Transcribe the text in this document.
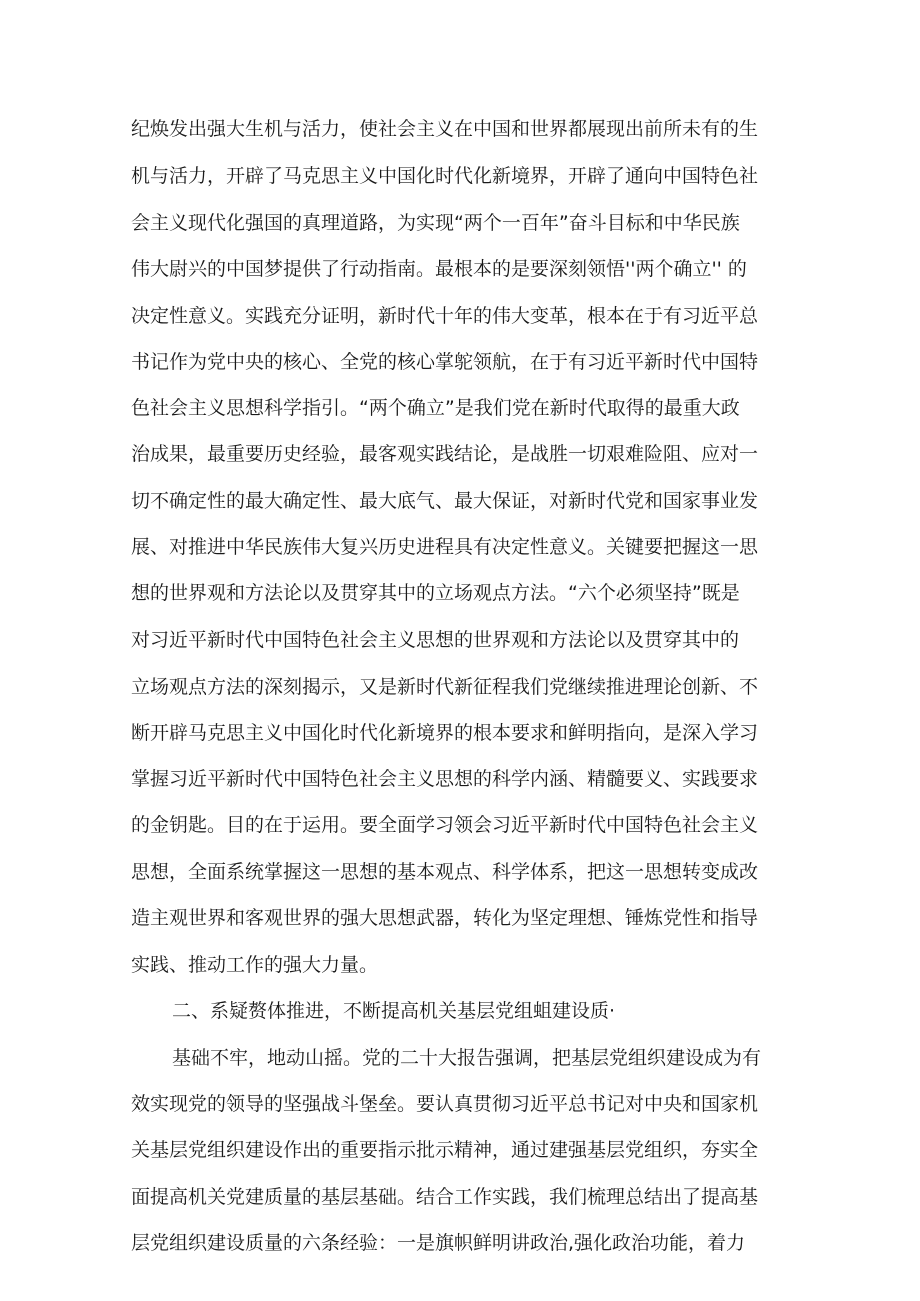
纪焕发出强大生机与活力，使社会主义在中国和世界都展现出前所未有的生
机与活力，开辟了马克思主义中国化时代化新境界，开辟了通向中国特色社
会主义现代化强国的真理道路，为实现“两个一百年”奋斗目标和中华民族
伟大尉兴的中国梦提供了行动指南。最根本的是要深刻领悟''两个确立'' 的
决定性意义。实践充分证明，新时代十年的伟大变革，根本在于有习近平总
书记作为党中央的核心、全党的核心掌鸵领航，在于有习近平新时代中国特
色社会主义思想科学指引。“两个确立”是我们党在新时代取得的最重大政
治成果，最重要历史经验，最客观实践结论，是战胜一切艰难险阻、应对一
切不确定性的最大确定性、最大底气、最大保证，对新时代党和国家事业发
展、对推进中华民族伟大复兴历史进程具有决定性意义。关键要把握这一思
想的世界观和方法论以及贯穿其中的立场观点方法。“六个必须坚持”既是
对习近平新时代中国特色社会主义思想的世界观和方法论以及贯穿其中的
立场观点方法的深刻揭示，又是新时代新征程我们党继续推进理论创新、不
断开辟马克思主义中国化时代化新境界的根本要求和鲜明指向，是深入学习
掌握习近平新时代中国特色社会主义思想的科学内涵、精髓要义、实践要求
的金钥匙。目的在于运用。要全面学习领会习近平新时代中国特色社会主义
思想，全面系统掌握这一思想的基本观点、科学体系，把这一思想转变成改
造主观世界和客观世界的强大思想武器，转化为坚定理想、锤炼党性和指导
实践、推动工作的强大力量。
二、系疑赘体推进，不断提高机关基层党组蛆建设质·
基础不牢，地动山摇。党的二十大报告强调，把基层党组织建设成为有
效实现党的领导的坚强战斗堡垒。要认真贯彻习近平总书记对中央和国家机
关基层党组织建设作出的重要指示批示精神，通过建强基层党组织，夯实全
面提高机关党建质量的基层基础。结合工作实践，我们梳理总结出了提高基
层党组织建设质量的六条经验：一是旗帜鲜明讲政治,强化政治功能，着力
